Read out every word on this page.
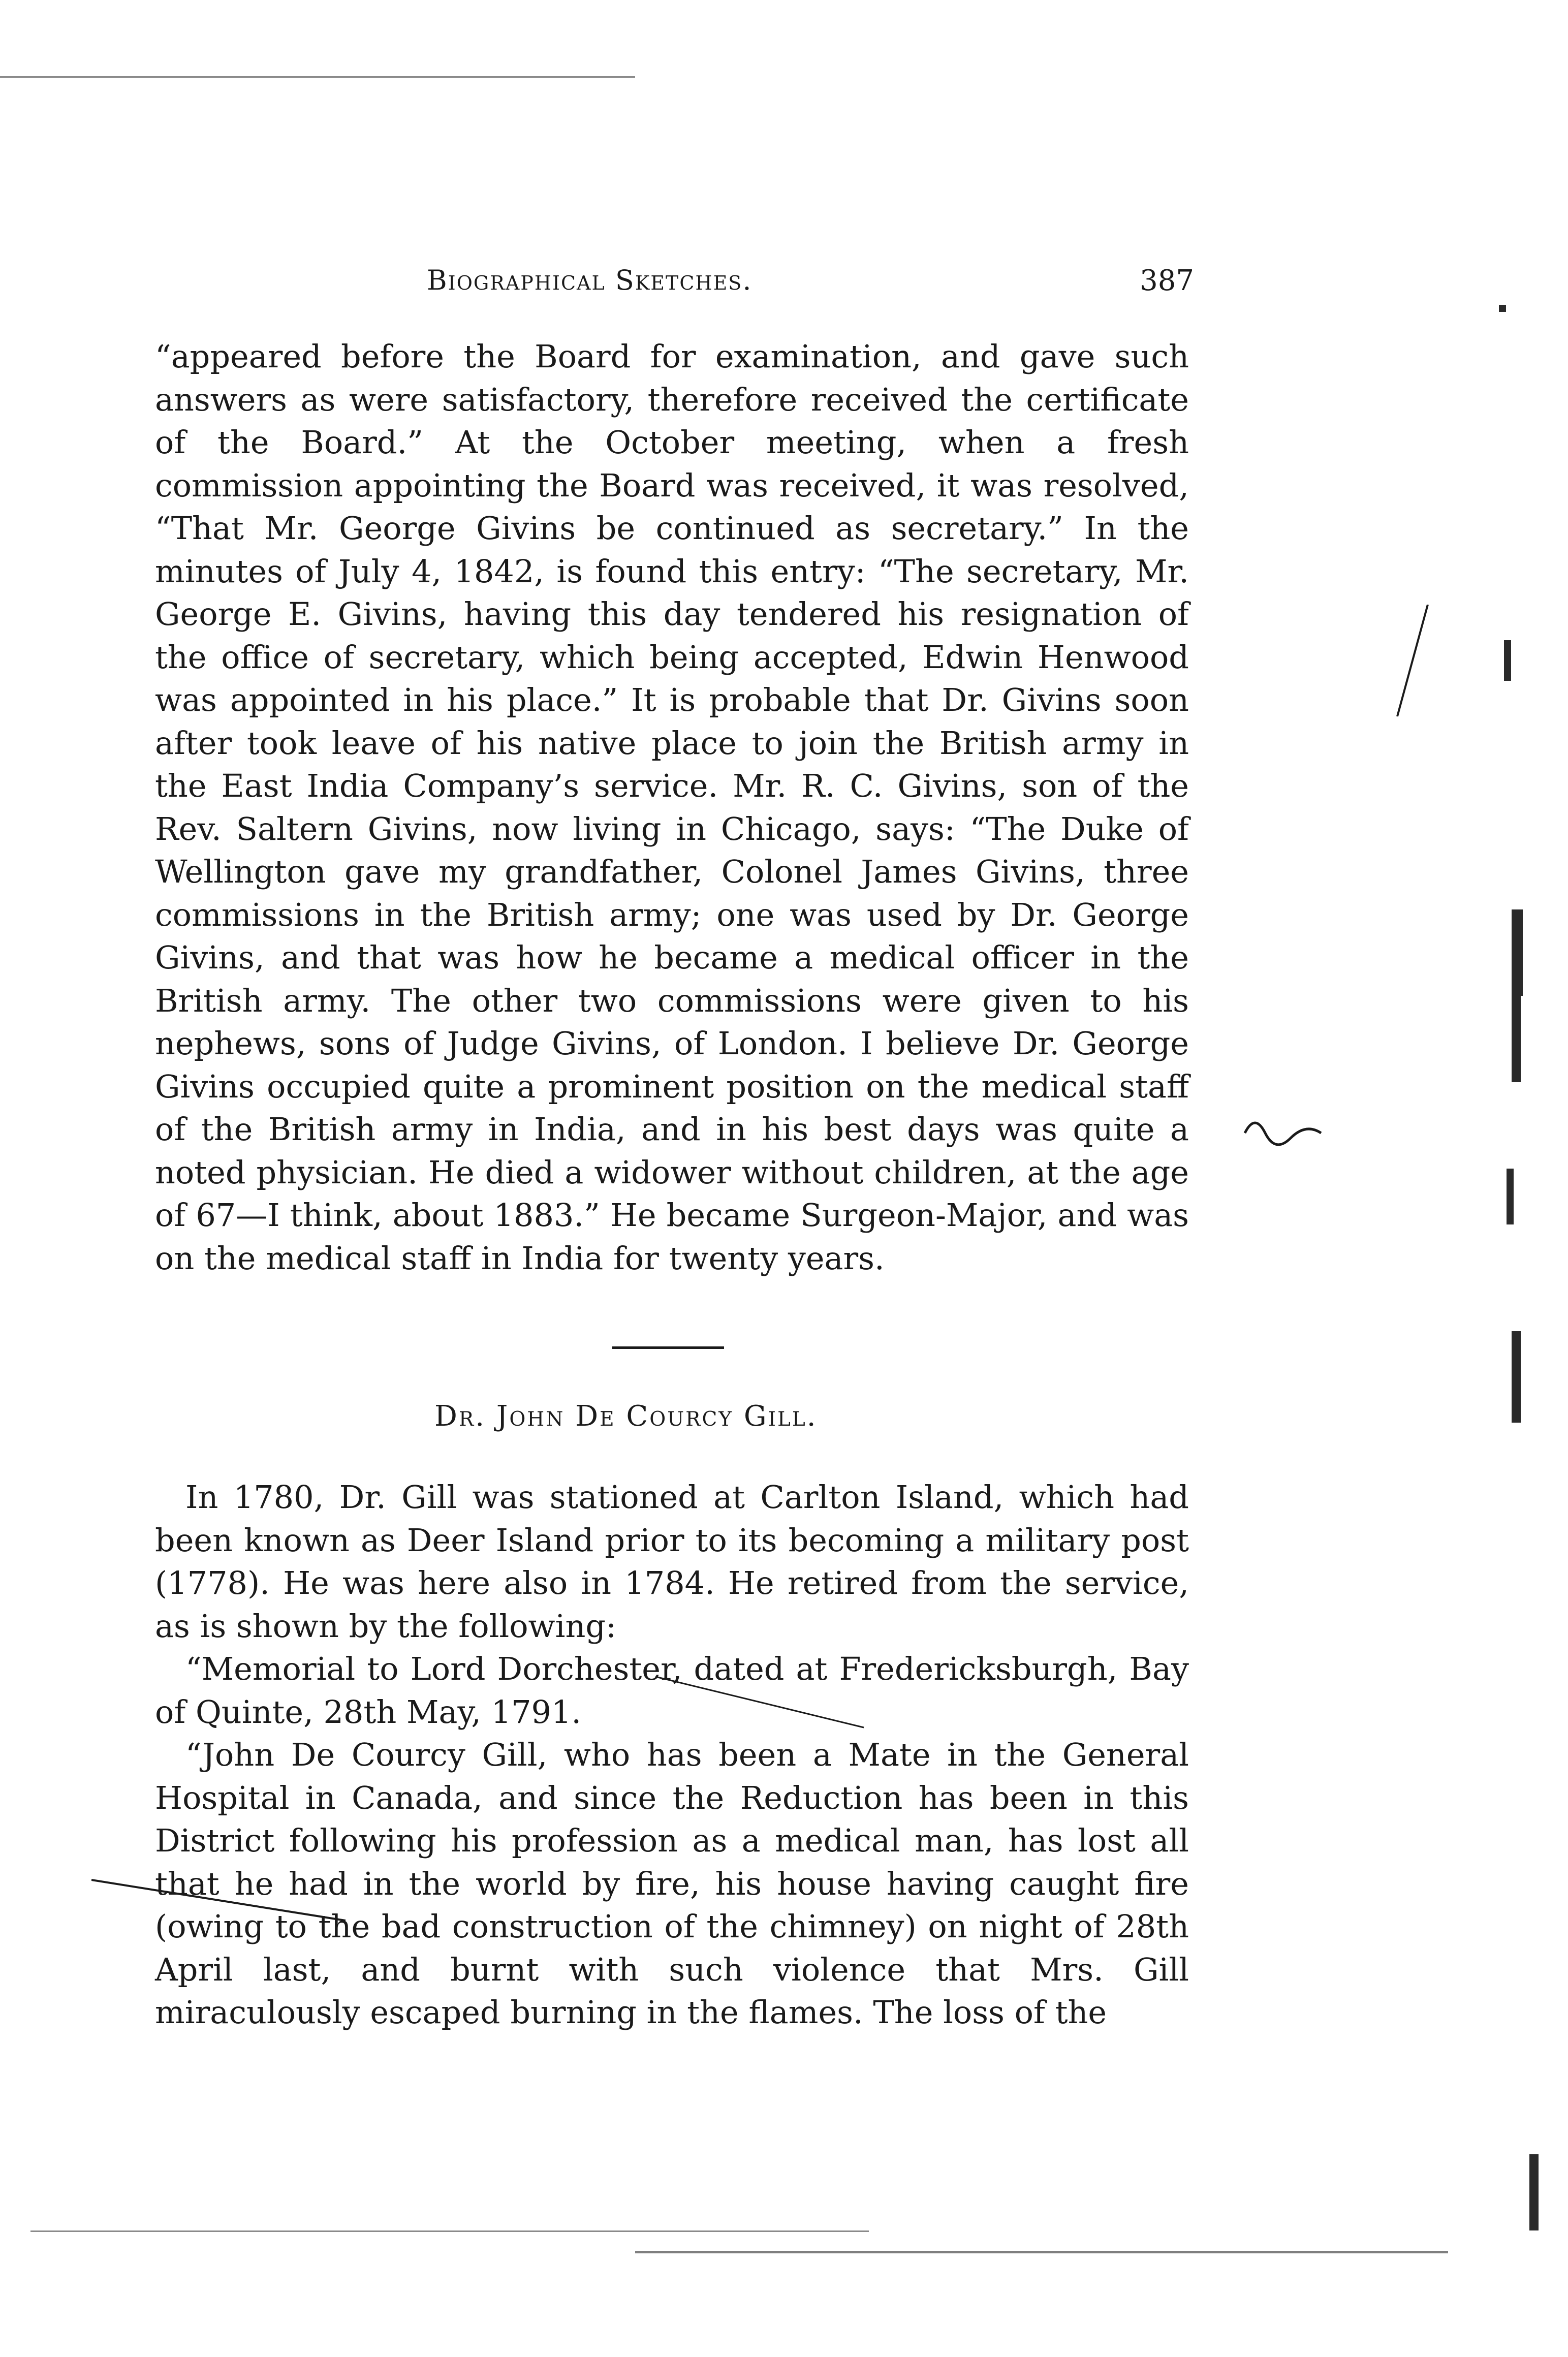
Biographical Sketches.	387

“appeared before the Board for examination, and gave such answers as were satisfactory, therefore received the certificate of the Board.” At the October meeting, when a fresh commission appointing the Board was received, it was resolved, “That Mr. George Givins be continued as secretary.” In the minutes of July 4, 1842, is found this entry: “The secretary, Mr. George E. Givins, having this day tendered his resignation of the office of secretary, which being accepted, Edwin Henwood was appointed in his place.” It is probable that Dr. Givins soon after took leave of his native place to join the British army in the East India Company’s service. Mr. R. C. Givins, son of the Rev. Saltern Givins, now living in Chicago, says: “The Duke of Wellington gave my grandfather, Colonel James Givins, three commissions in the British army; one was used by Dr. George Givins, and that was how he became a medical officer in the British army. The other two commissions were given to his nephews, sons of Judge Givins, of London. I believe Dr. George Givins occupied quite a prominent position on the medical staff of the British army in India, and in his best days was quite a noted physician. He died a widower without children, at the age of 67—I think, about 1883.” He became Surgeon-Major, and was on the medical staff in India for twenty years.

Dr. John De Courcy Gill.

In 1780, Dr. Gill was stationed at Carlton Island, which had been known as Deer Island prior to its becoming a military post (1778). He was here also in 1784. He retired from the service, as is shown by the following:

“Memorial to Lord Dorchester, dated at Fredericksburgh, Bay of Quinte, 28th May, 1791.

“John De Courcy Gill, who has been a Mate in the General Hospital in Canada, and since the Reduction has been in this District following his profession as a medical man, has lost all that he had in the world by fire, his house having caught fire (owing to the bad construction of the chimney) on night of 28th April last, and burnt with such violence that Mrs. Gill miraculously escaped burning in the flames. The loss of the
